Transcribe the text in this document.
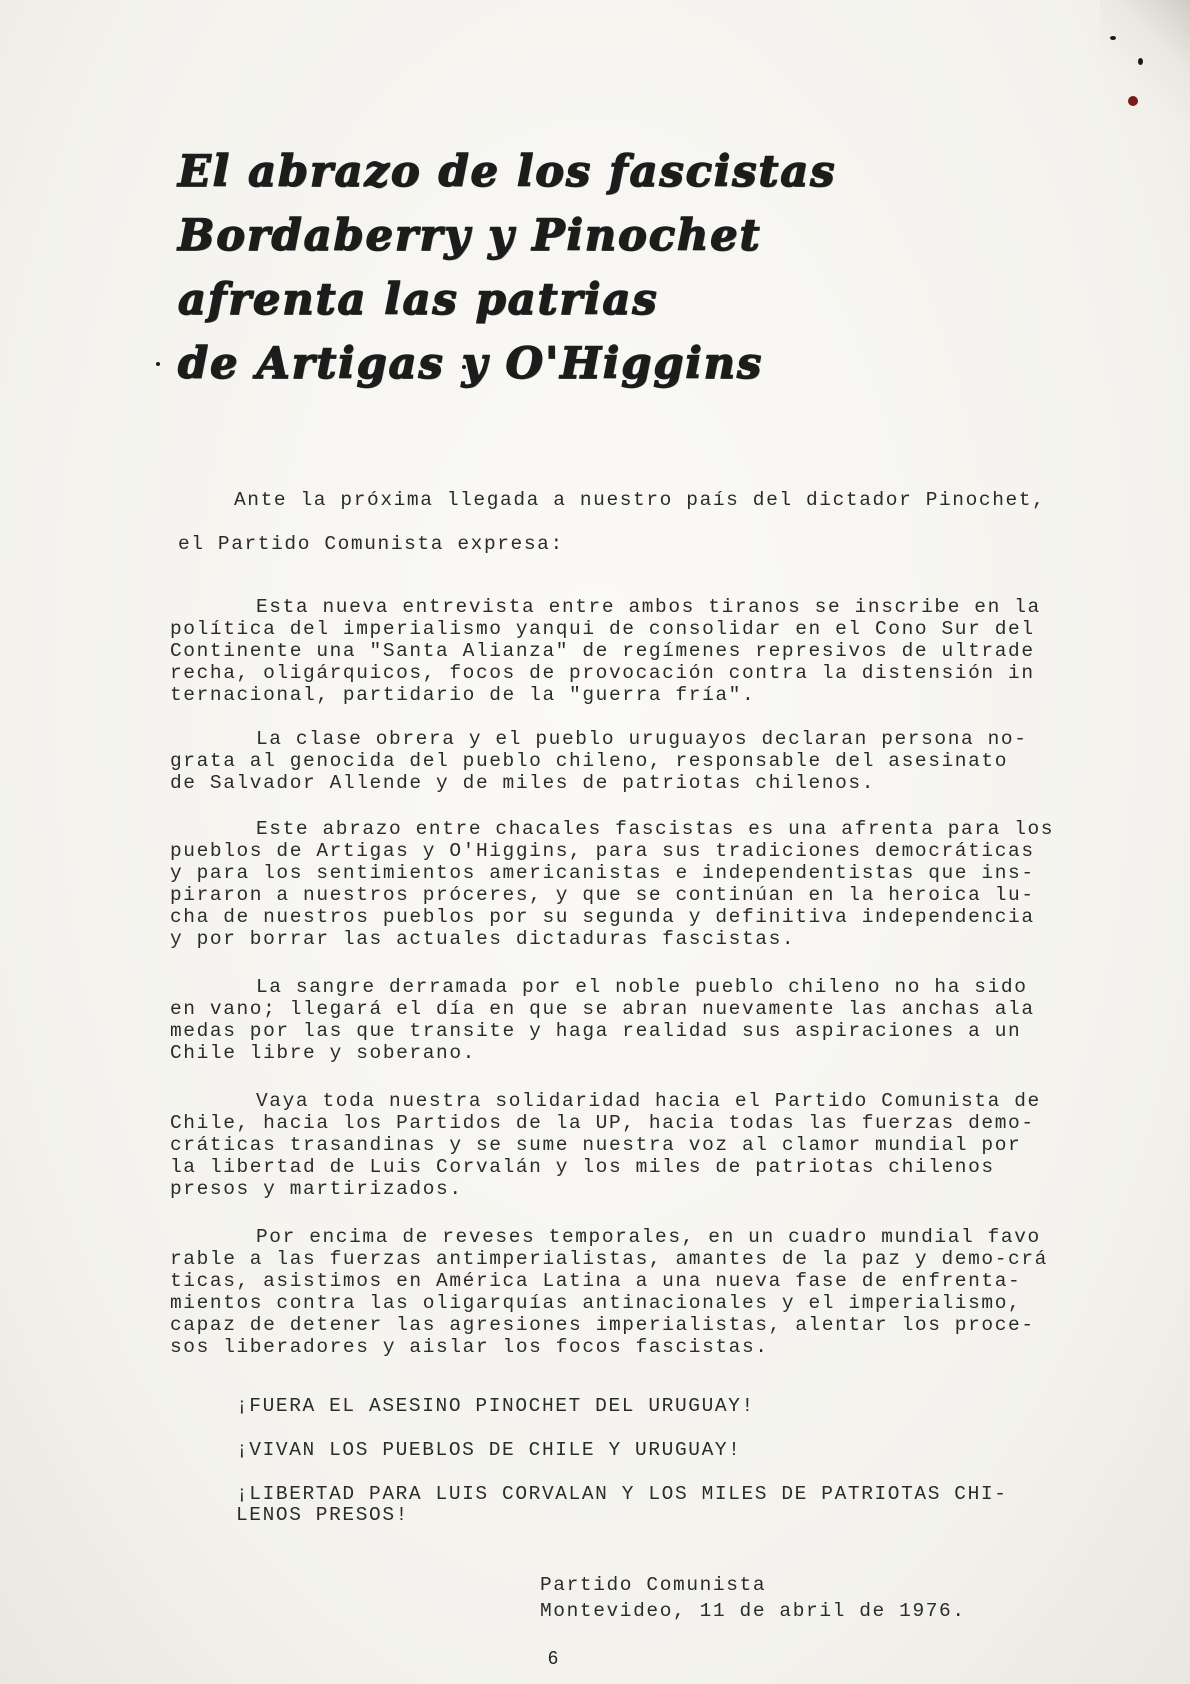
El abrazo de los fascistas
Bordaberry y Pinochet
afrenta las patrias
de Artigas y O'Higgins
Ante la próxima llegada a nuestro país del dictador Pinochet,
el Partido Comunista expresa:

Esta nueva entrevista entre ambos tiranos se inscribe en la
política del imperialismo yanqui de consolidar en el Cono Sur del
Continente una "Santa Alianza" de regímenes represivos de ultrade
recha, oligárquicos, focos de provocación contra la distensión in
ternacional, partidario de la "guerra fría".

La clase obrera y el pueblo uruguayos declaran persona no-
grata al genocida del pueblo chileno, responsable del asesinato
de Salvador Allende y de miles de patriotas chilenos.

Este abrazo entre chacales fascistas es una afrenta para los
pueblos de Artigas y O'Higgins, para sus tradiciones democráticas
y para los sentimientos americanistas e independentistas que ins-
piraron a nuestros próceres, y que se continúan en la heroica lu-
cha de nuestros pueblos por su segunda y definitiva independencia
y por borrar las actuales dictaduras fascistas.

La sangre derramada por el noble pueblo chileno no ha sido
en vano; llegará el día en que se abran nuevamente las anchas ala
medas por las que transite y haga realidad sus aspiraciones a un
Chile libre y soberano.

Vaya toda nuestra solidaridad hacia el Partido Comunista de
Chile, hacia los Partidos de la UP, hacia todas las fuerzas demo-
cráticas trasandinas y se sume nuestra voz al clamor mundial por
la libertad de Luis Corvalán y los miles de patriotas chilenos
presos y martirizados.

Por encima de reveses temporales, en un cuadro mundial favo
rable a las fuerzas antimperialistas, amantes de la paz y demo-crá
ticas, asistimos en América Latina a una nueva fase de enfrenta-
mientos contra las oligarquías antinacionales y el imperialismo,
capaz de detener las agresiones imperialistas, alentar los proce-
sos liberadores y aislar los focos fascistas.

¡FUERA EL ASESINO PINOCHET DEL URUGUAY!
¡VIVAN LOS PUEBLOS DE CHILE Y URUGUAY!
¡LIBERTAD PARA LUIS CORVALAN Y LOS MILES DE PATRIOTAS CHI-
LENOS PRESOS!
Partido Comunista
Montevideo, 11 de abril de 1976.
6
